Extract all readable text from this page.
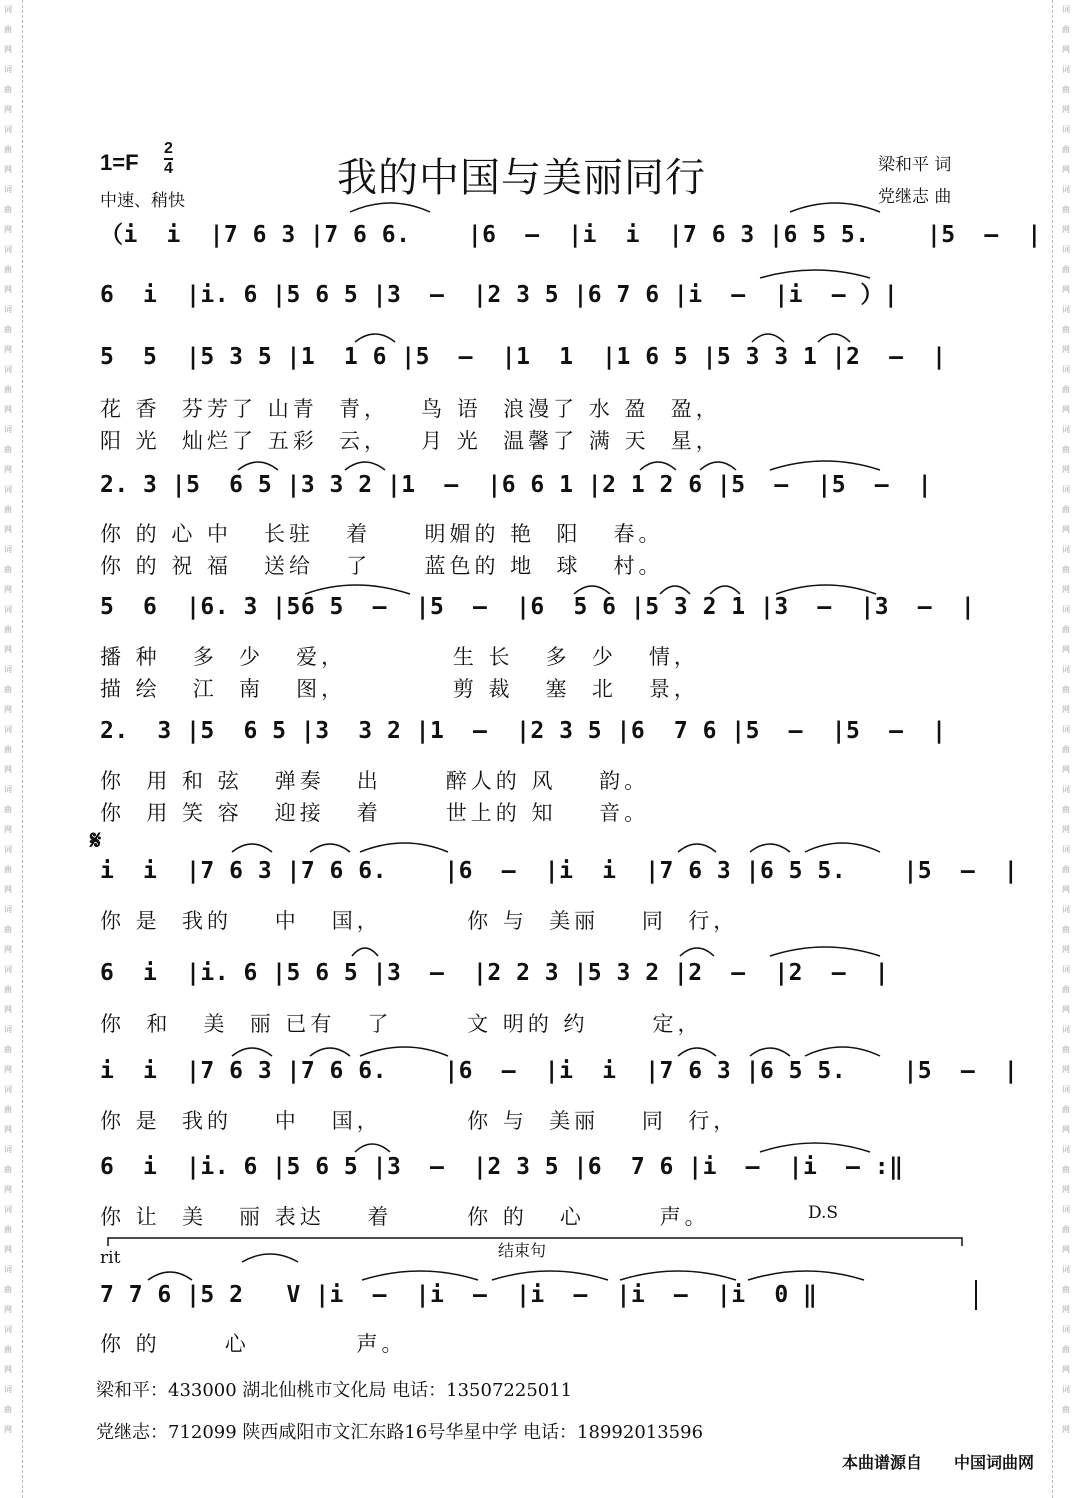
词曲网词曲网词曲网词曲网词曲网词曲网词曲网词曲网词曲网词曲网词曲网词曲网词曲网词曲网词曲网词曲网词曲网词曲网词曲网词曲网词曲网词曲网词曲网词曲网
词曲网词曲网词曲网词曲网词曲网词曲网词曲网词曲网词曲网词曲网词曲网词曲网词曲网词曲网词曲网词曲网词曲网词曲网词曲网词曲网词曲网词曲网词曲网词曲网
1=F
2
4
中速、稍快	我的中国与美丽同行	梁和平 词
党继志 曲
（i  i  |7 6 3 |7 6 6.    |6  –  |i  i  |7 6 3 |6 5 5.    |5  –  |
6  i  |i. 6 |5 6 5 |3  –  |2 3 5 |6 7 6 |i  –  |i  – ）|
5  5  |5 3 5 |1  1 6 |5  –  |1  1  |1 6 5 |5 3 3 1 |2  –  |
花 香  芬芳了 山青  青，   鸟 语  浪漫了 水 盈  盈，
阳 光  灿烂了 五彩  云，   月 光  温馨了 满 天  星，
2. 3 |5  6 5 |3 3 2 |1  –  |6 6 1 |2 1 2 6 |5  –  |5  –  |
你 的 心 中   长驻   着     明媚的 艳  阳   春。
你 的 祝 福   送给   了     蓝色的 地  球   村。
5  6  |6. 3 |56 5  –  |5  –  |6  5 6 |5 3 2 1 |3  –  |3  –  |
播 种   多  少   爱，          生 长   多  少   情，
描 绘   江  南   图，          剪 裁   塞  北   景，
2.  3 |5  6 5 |3  3 2 |1  –  |2 3 5 |6  7 6 |5  –  |5  –  |
你  用 和 弦   弹奏   出      醉人的 风    韵。
你  用 笑 容   迎接   着      世上的 知    音。
𝄋
i  i  |7 6 3 |7 6 6.    |6  –  |i  i  |7 6 3 |6 5 5.    |5  –  |
你 是  我的    中   国，        你 与  美丽    同  行，
6  i  |i. 6 |5 6 5 |3  –  |2 2 3 |5 3 2 |2  –  |2  –  |
你  和   美  丽 已有   了       文 明的 约      定，
i  i  |7 6 3 |7 6 6.    |6  –  |i  i  |7 6 3 |6 5 5.    |5  –  |
你 是  我的    中   国，        你 与  美丽    同  行，
6  i  |i. 6 |5 6 5 |3  –  |2 3 5 |6  7 6 |i  –  |i  – :‖
你 让  美   丽 表达    着       你 的   心       声。	D.S
rit	结束句
7 7 6 |5 2   V |i  –  |i  –  |i  –  |i  –  |i  0 ‖
你 的      心          声。
梁和平：433000 湖北仙桃市文化局 电话：13507225011
党继志：712099 陕西咸阳市文汇东路16号华星中学 电话：18992013596
本曲谱源自 中国词曲网
